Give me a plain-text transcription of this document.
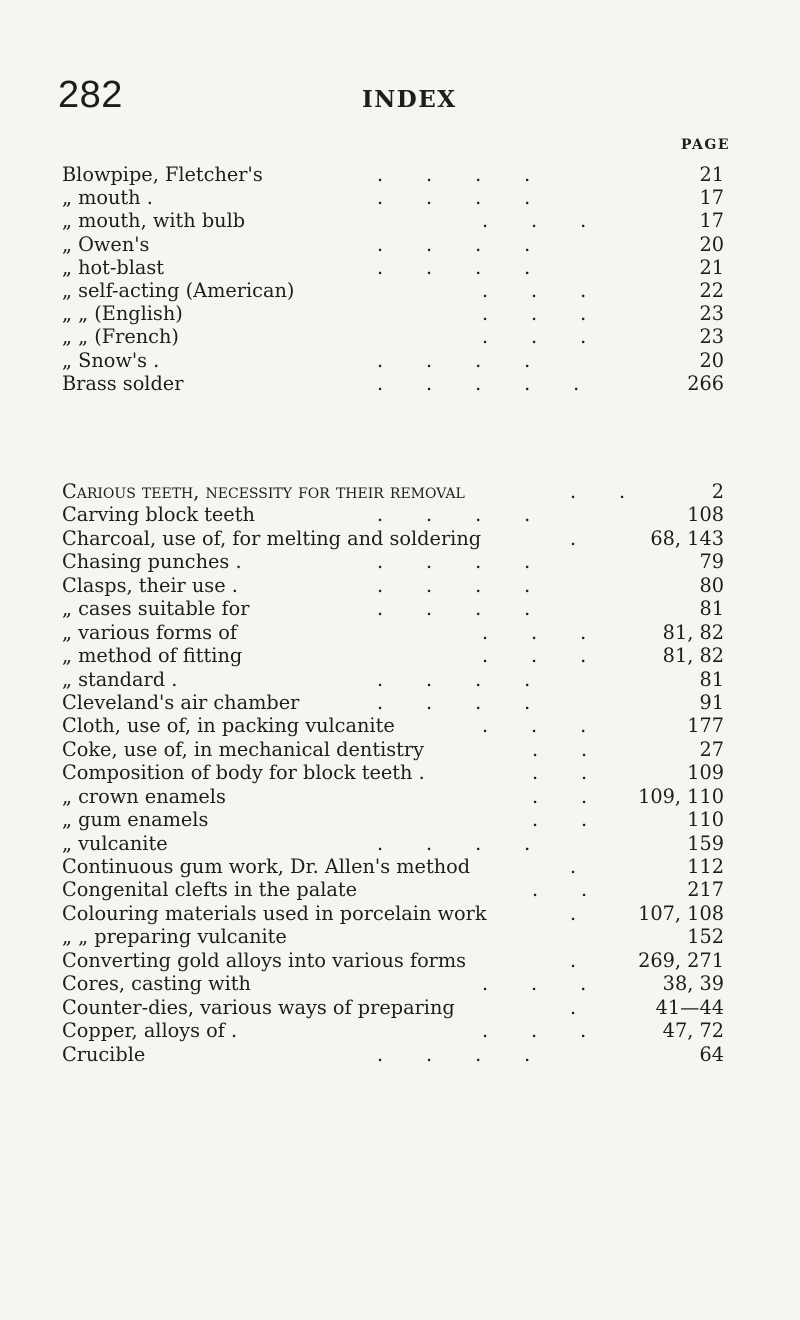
282	INDEX
PAGE
Blowpipe, Fletcher's	.       .       .       .	21
„ mouth .	.       .       .       .	17
„ mouth, with bulb	.       .       .	17
„ Owen's	.       .       .       .	20
„ hot-blast	.       .       .       .	21
„ self-acting (American)	.       .       .	22
„ „ (English)	.       .       .	23
„ „ (French)	.       .       .	23
„ Snow's .	.       .       .       .	20
Brass solder	.       .       .       .       .	266
Carious teeth, necessity for their removal	.       .	2
Carving block teeth	.       .       .       .	108
Charcoal, use of, for melting and soldering	.	68, 143
Chasing punches .	.       .       .       .	79
Clasps, their use .	.       .       .       .	80
„ cases suitable for	.       .       .       .	81
„ various forms of	.       .       .	81, 82
„ method of fitting	.       .       .	81, 82
„ standard .	.       .       .       .	81
Cleveland's air chamber	.       .       .       .	91
Cloth, use of, in packing vulcanite	.       .       .	177
Coke, use of, in mechanical dentistry	.       .	27
Composition of body for block teeth .	.       .	109
„ crown enamels	.       .	109, 110
„ gum enamels	.       .	110
„ vulcanite	.       .       .       .	159
Continuous gum work, Dr. Allen's method	.	112
Congenital clefts in the palate	.       .	217
Colouring materials used in porcelain work	.	107, 108
„ „ preparing vulcanite	152
Converting gold alloys into various forms	.	269, 271
Cores, casting with	.       .       .	38, 39
Counter-dies, various ways of preparing	.	41—44
Copper, alloys of .	.       .       .	47, 72
Crucible	.       .       .       .	64
